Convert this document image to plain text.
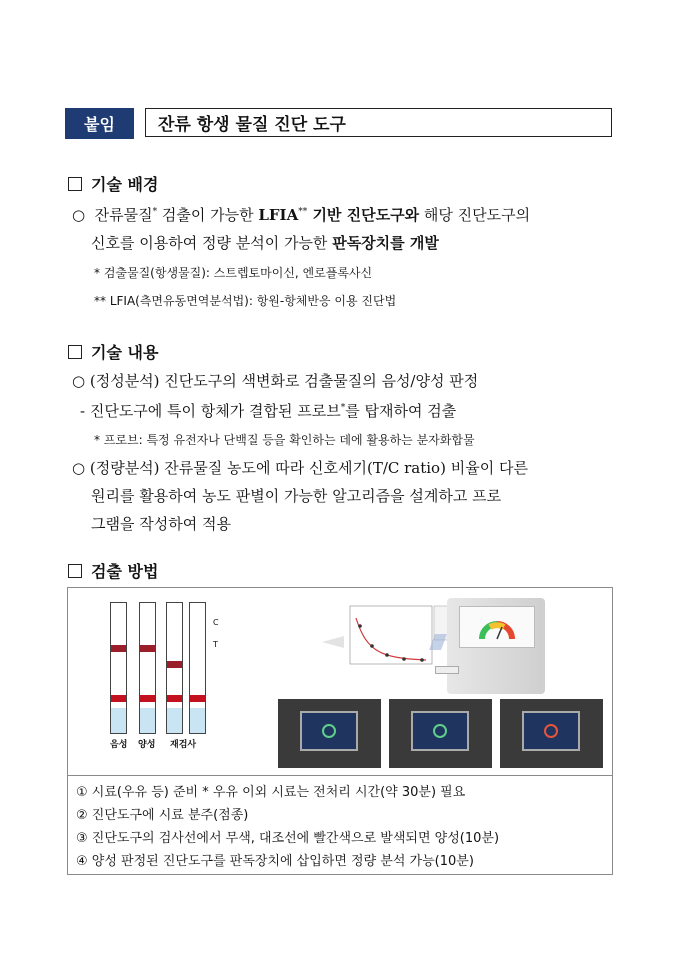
붙임	잔류 항생 물질 진단 도구
기술 배경
○ 잔류물질* 검출이 가능한 LFIA** 기반 진단도구와 해당 진단도구의
신호를 이용하여 정량 분석이 가능한 판독장치를 개발
* 검출물질(항생물질): 스트렙토마이신, 엔로플록사신
** LFIA(측면유동면역분석법): 항원-항체반응 이용 진단법
기술 내용
○ (정성분석) 진단도구의 색변화로 검출물질의 음성/양성 판정
- 진단도구에 특이 항체가 결합된 프로브*를 탑재하여 검출
* 프로브: 특정 유전자나 단백질 등을 확인하는 데에 활용하는 분자화합물
○ (정량분석) 잔류물질 농도에 따라 신호세기(T/C ratio) 비율이 다른
원리를 활용하여 농도 판별이 가능한 알고리즘을 설계하고 프로
그램을 작성하여 적용
검출 방법
C
T
음성 양성 재검사
① 시료(우유 등) 준비 * 우유 이외 시료는 전처리 시간(약 30분) 필요
② 진단도구에 시료 분주(점종)
③ 진단도구의 검사선에서 무색, 대조선에 빨간색으로 발색되면 양성(10분)
④ 양성 판정된 진단도구를 판독장치에 삽입하면 정량 분석 가능(10분)
